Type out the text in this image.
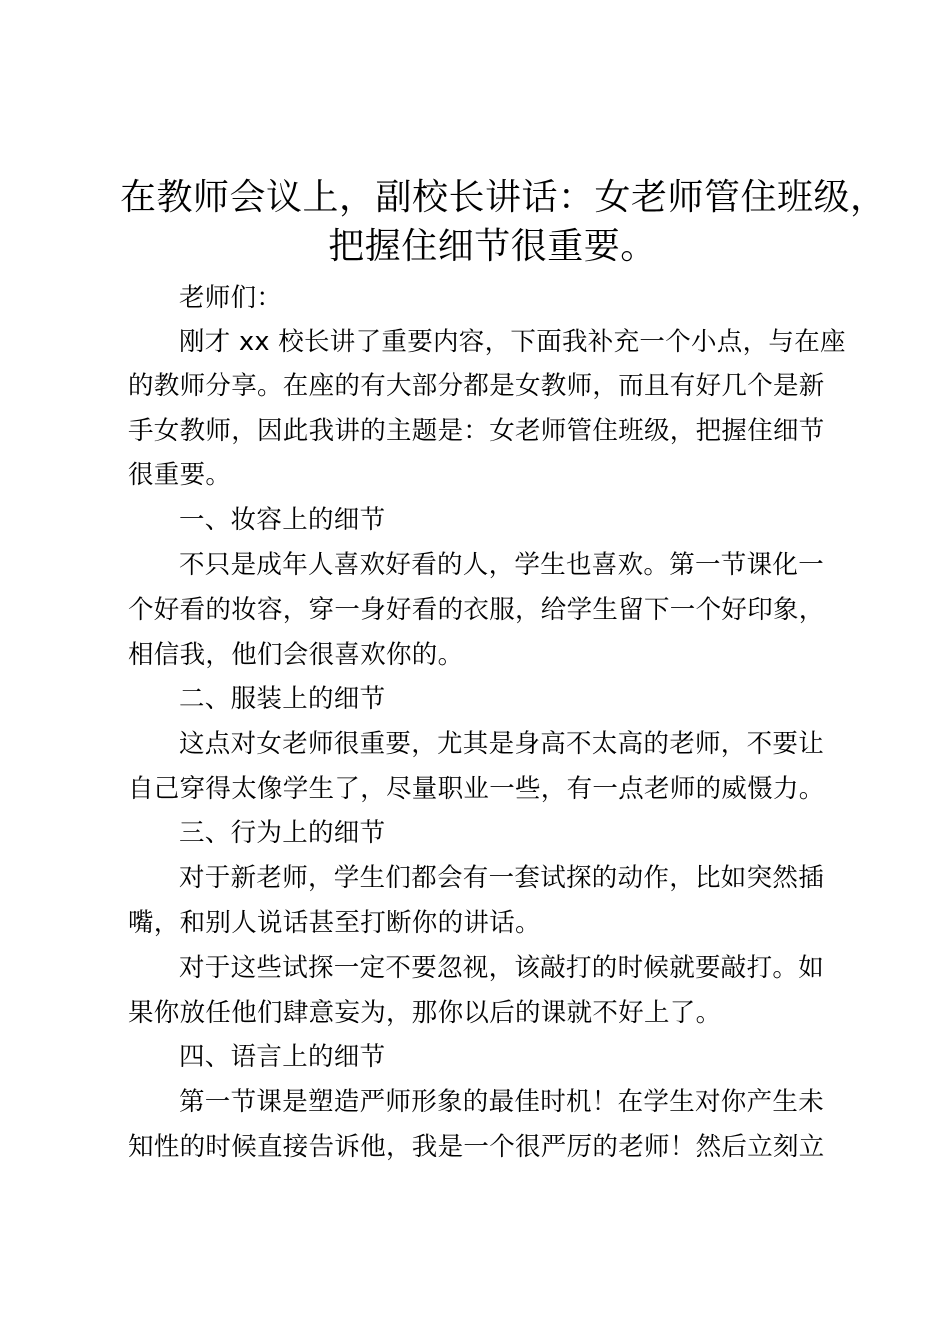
在教师会议上，副校长讲话：女老师管住班级，
把握住细节很重要。
老师们：
刚才 xx 校长讲了重要内容，下面我补充一个小点，与在座
的教师分享。在座的有大部分都是女教师，而且有好几个是新
手女教师，因此我讲的主题是：女老师管住班级，把握住细节
很重要。
一、妆容上的细节
不只是成年人喜欢好看的人，学生也喜欢。第一节课化一
个好看的妆容，穿一身好看的衣服，给学生留下一个好印象，
相信我，他们会很喜欢你的。
二、服装上的细节
这点对女老师很重要，尤其是身高不太高的老师，不要让
自己穿得太像学生了，尽量职业一些，有一点老师的威慑力。
三、行为上的细节
对于新老师，学生们都会有一套试探的动作，比如突然插
嘴，和别人说话甚至打断你的讲话。
对于这些试探一定不要忽视，该敲打的时候就要敲打。如
果你放任他们肆意妄为，那你以后的课就不好上了。
四、语言上的细节
第一节课是塑造严师形象的最佳时机！在学生对你产生未
知性的时候直接告诉他，我是一个很严厉的老师！然后立刻立
